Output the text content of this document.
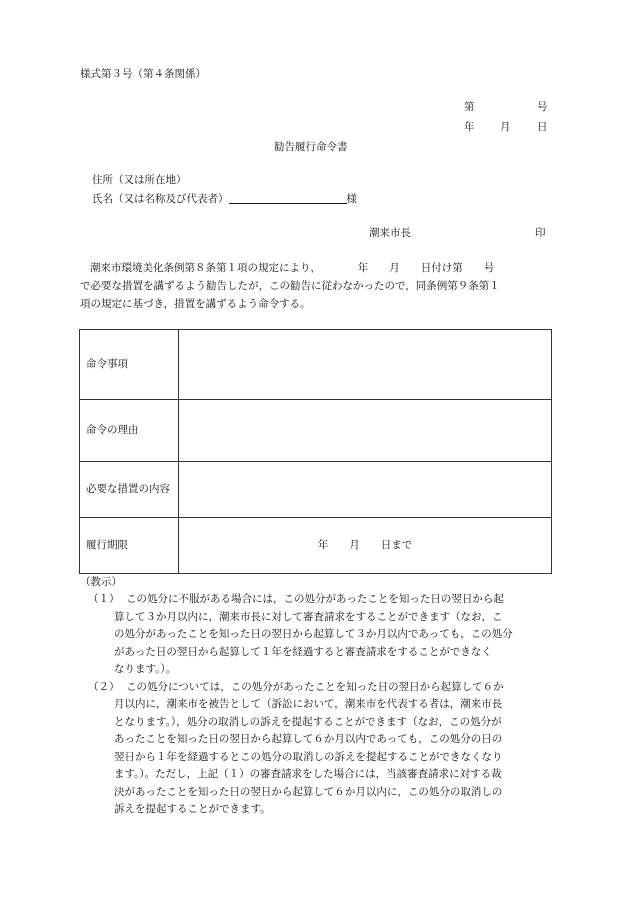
様式第３号（第４条関係）
第	号
年 月	日
勧告履行命令書
住所（又は所在地）
氏名（又は名称及び代表者）	様
潮来市長	印
潮来市環境美化条例第８条第１項の規定により，　　　　年　　月　　日付け第　　号
で必要な措置を講ずるよう勧告したが，この勧告に従わなかったので，同条例第９条第１
項の規定に基づき，措置を講ずるよう命令する。
命令事項	
命令の理由	
必要な措置の内容	
履行期限	年　　月　　日まで
（教示）
（１） この処分に不服がある場合には，この処分があったことを知った日の翌日から起
算して３か月以内に，潮来市長に対して審査請求をすることができます（なお，こ
の処分があったことを知った日の翌日から起算して３か月以内であっても，この処分
があった日の翌日から起算して１年を経過すると審査請求をすることができなく
なります。）。
（２） この処分については，この処分があったことを知った日の翌日から起算して６か
月以内に，潮来市を被告として（訴訟において，潮来市を代表する者は，潮来市長
となります。），処分の取消しの訴えを提起することができます（なお，この処分が
あったことを知った日の翌日から起算して６か月以内であっても，この処分の日の
翌日から１年を経過するとこの処分の取消しの訴えを提起することができなくなり
ます。）。ただし，上記（１）の審査請求をした場合には，当該審査請求に対する裁
決があったことを知った日の翌日から起算して６か月以内に，この処分の取消しの
訴えを提起することができます。
